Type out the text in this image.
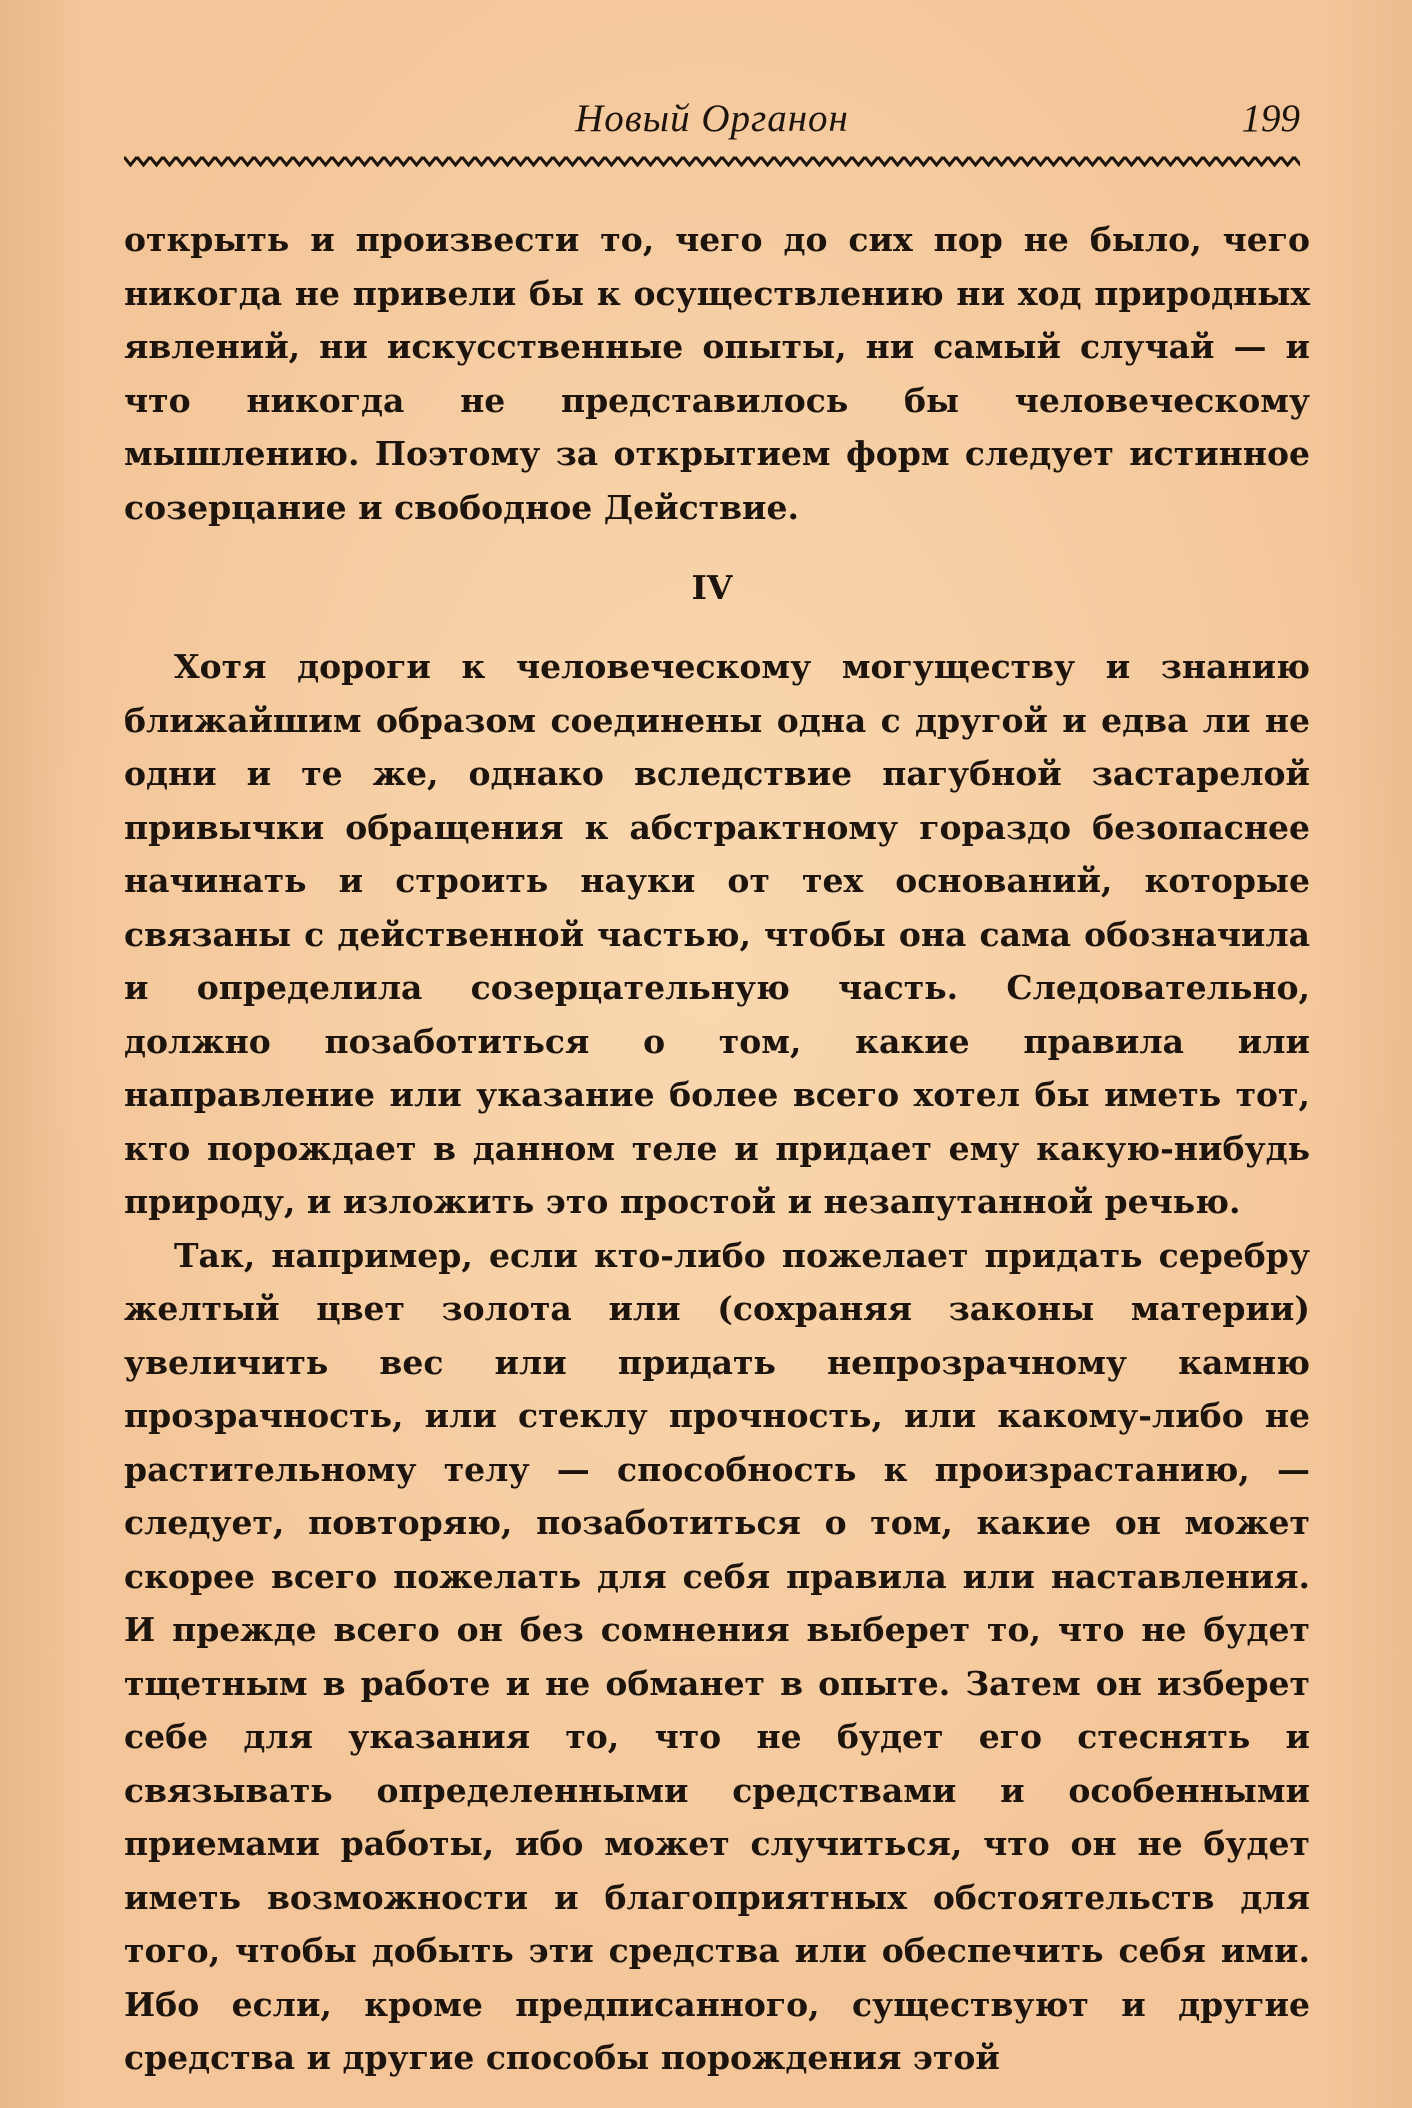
Новый Органон	199

открыть и произвести то, чего до сих пор не было, чего никогда не привели бы к осуществлению ни ход природных явлений, ни искусственные опыты, ни самый случай — и что никогда не представилось бы человеческому мышлению. Поэтому за открытием форм следует истинное созерцание и свободное Действие.

IV

Хотя дороги к человеческому могуществу и знанию ближайшим образом соединены одна с другой и едва ли не одни и те же, однако вследствие пагубной застарелой привычки обращения к абстрактному гораздо безопаснее начинать и строить науки от тех оснований, которые связаны с действенной частью, чтобы она сама обозначила и определила созерцательную часть. Следовательно, должно позаботиться о том, какие правила или направление или указание более всего хотел бы иметь тот, кто порождает в данном теле и придает ему какую-нибудь природу, и изложить это простой и незапутанной речью.

Так, например, если кто-либо пожелает придать серебру желтый цвет золота или (сохраняя законы материи) увеличить вес или придать непрозрачному камню прозрачность, или стеклу прочность, или какому-либо не растительному телу — способность к произрастанию, — следует, повторяю, позаботиться о том, какие он может скорее всего пожелать для себя правила или наставления. И прежде всего он без сомнения выберет то, что не будет тщетным в работе и не обманет в опыте. Затем он изберет себе для указания то, что не будет его стеснять и связывать определенными средствами и особенными приемами работы, ибо может случиться, что он не будет иметь возможности и благоприятных обстоятельств для того, чтобы добыть эти средства или обеспечить себя ими. Ибо если, кроме предписанного, существуют и другие средства и другие способы порождения этой
